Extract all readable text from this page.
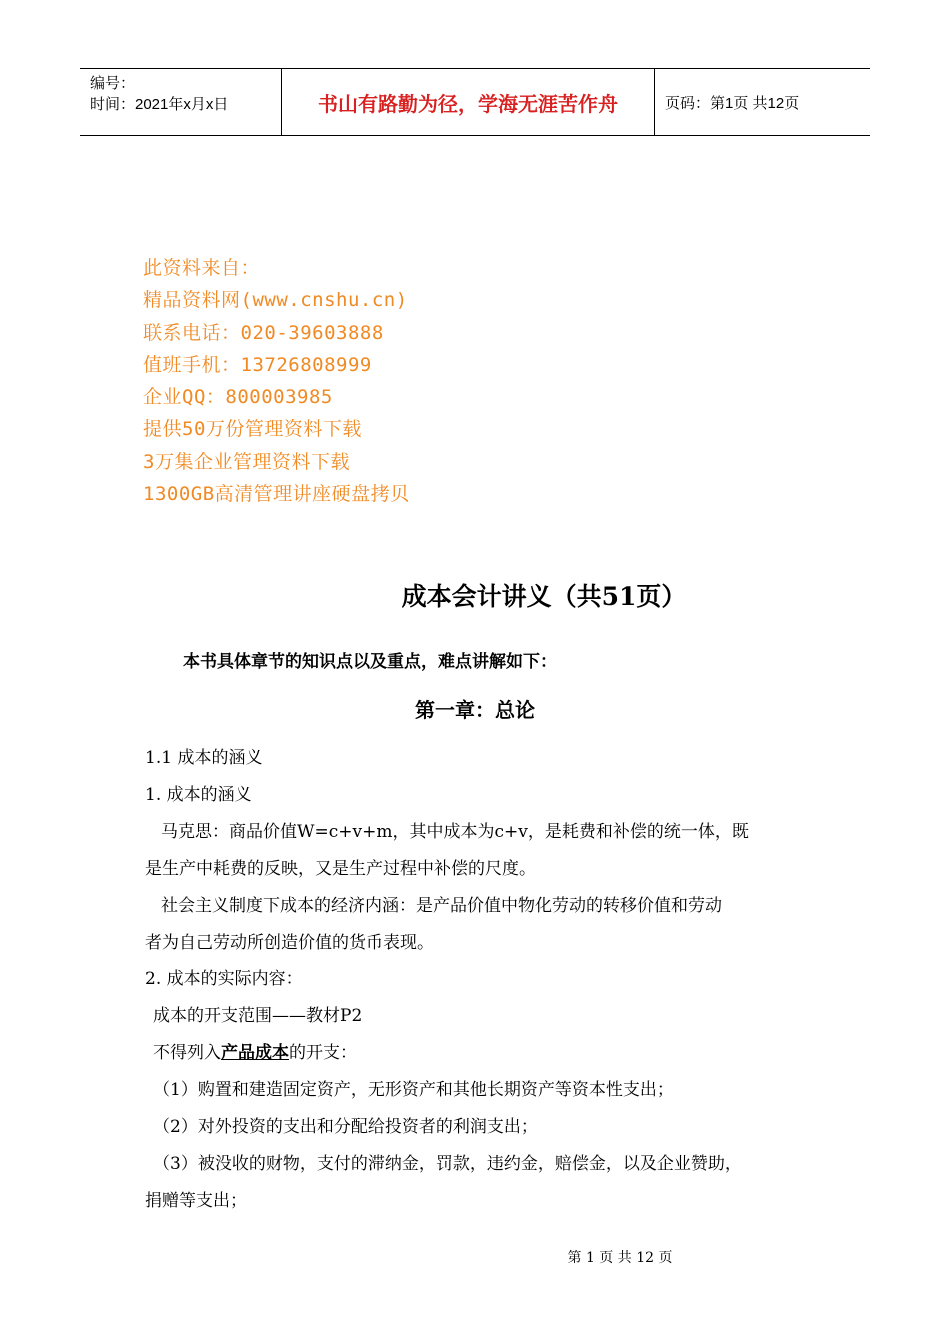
编号：
时间：2021年x月x日	书山有路勤为径，学海无涯苦作舟	页码：第1页 共12页
此资料来自：
精品资料网(www.cnshu.cn)
联系电话：020-39603888
值班手机：13726808999
企业QQ：800003985
提供50万份管理资料下载
3万集企业管理资料下载
1300GB高清管理讲座硬盘拷贝
成本会计讲义（共51页）
本书具体章节的知识点以及重点，难点讲解如下：
第一章：总论

1.1 成本的涵义

1. 成本的涵义

马克思：商品价值W=c+v+m，其中成本为c+v，是耗费和补偿的统一体，既

是生产中耗费的反映，又是生产过程中补偿的尺度。

社会主义制度下成本的经济内涵：是产品价值中物化劳动的转移价值和劳动

者为自己劳动所创造价值的货币表现。

2. 成本的实际内容：

成本的开支范围——教材P2

不得列入产品成本的开支：

（1）购置和建造固定资产，无形资产和其他长期资产等资本性支出；

（2）对外投资的支出和分配给投资者的利润支出；

（3）被没收的财物，支付的滞纳金，罚款，违约金，赔偿金，以及企业赞助，

捐赠等支出；

第 1 页 共 12 页
